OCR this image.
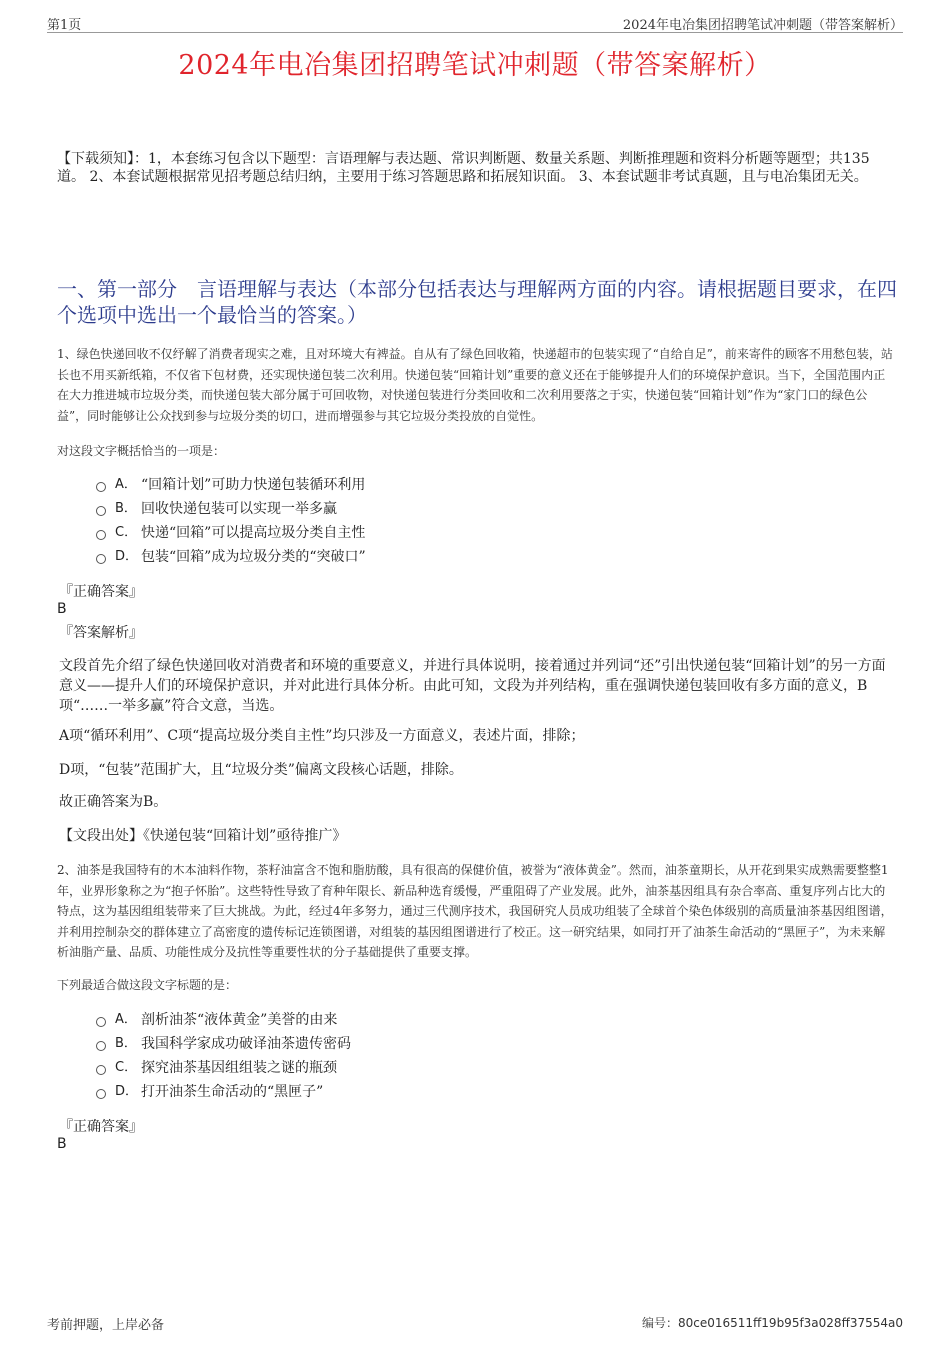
第1页	2024年电冶集团招聘笔试冲刺题（带答案解析）
2024年电冶集团招聘笔试冲刺题（带答案解析）
【下载须知】：1，本套练习包含以下题型：言语理解与表达题、常识判断题、数量关系题、判断推理题和资料分析题等题型；共135道。 2、本套试题根据常见招考题总结归纳，主要用于练习答题思路和拓展知识面。 3、本套试题非考试真题，且与电冶集团无关。
一、第一部分　言语理解与表达（本部分包括表达与理解两方面的内容。请根据题目要求，在四个选项中选出一个最恰当的答案。）
1、绿色快递回收不仅纾解了消费者现实之难，且对环境大有裨益。自从有了绿色回收箱，快递超市的包装实现了“自给自足”，前来寄件的顾客不用愁包装，站长也不用买新纸箱，不仅省下包材费，还实现快递包装二次利用。快递包装“回箱计划”重要的意义还在于能够提升人们的环境保护意识。当下，全国范围内正在大力推进城市垃圾分类，而快递包装大部分属于可回收物，对快递包装进行分类回收和二次利用要落之于实，快递包装“回箱计划”作为“家门口的绿色公益”，同时能够让公众找到参与垃圾分类的切口，进而增强参与其它垃圾分类投放的自觉性。
对这段文字概括恰当的一项是：
A． “回箱计划”可助力快递包装循环利用
B． 回收快递包装可以实现一举多赢
C． 快递“回箱”可以提高垃圾分类自主性
D． 包装“回箱”成为垃圾分类的“突破口”
『正确答案』
B
『答案解析』
文段首先介绍了绿色快递回收对消费者和环境的重要意义，并进行具体说明，接着通过并列词“还”引出快递包装“回箱计划”的另一方面意义——提升人们的环境保护意识，并对此进行具体分析。由此可知，文段为并列结构，重在强调快递包装回收有多方面的意义，B项“……一举多赢”符合文意，当选。
A项“循环利用”、C项“提高垃圾分类自主性”均只涉及一方面意义，表述片面，排除；
D项，“包装”范围扩大，且“垃圾分类”偏离文段核心话题，排除。
故正确答案为B。
【文段出处】《快递包装“回箱计划”亟待推广》
2、油茶是我国特有的木本油料作物，茶籽油富含不饱和脂肪酸，具有很高的保健价值，被誉为“液体黄金”。然而，油茶童期长，从开花到果实成熟需要整整1年，业界形象称之为“抱子怀胎”。这些特性导致了育种年限长、新品种选育缓慢，严重阻碍了产业发展。此外，油茶基因组具有杂合率高、重复序列占比大的特点，这为基因组组装带来了巨大挑战。为此，经过4年多努力，通过三代测序技术，我国研究人员成功组装了全球首个染色体级别的高质量油茶基因组图谱，并利用控制杂交的群体建立了高密度的遗传标记连锁图谱，对组装的基因组图谱进行了校正。这一研究结果，如同打开了油茶生命活动的“黑匣子”，为未来解析油脂产量、品质、功能性成分及抗性等重要性状的分子基础提供了重要支撑。
下列最适合做这段文字标题的是：
A． 剖析油茶“液体黄金”美誉的由来
B． 我国科学家成功破译油茶遗传密码
C． 探究油茶基因组组装之谜的瓶颈
D． 打开油茶生命活动的“黑匣子”
『正确答案』
B
考前押题，上岸必备	编号：80ce016511ff19b95f3a028ff37554a0
